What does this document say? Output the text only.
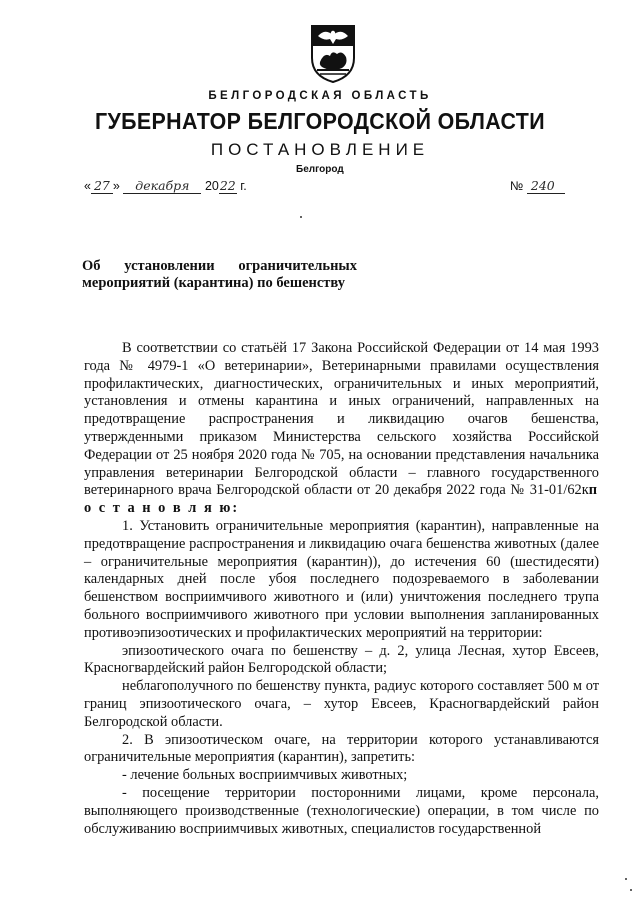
БЕЛГОРОДСКАЯ ОБЛАСТЬ
ГУБЕРНАТОР БЕЛГОРОДСКОЙ ОБЛАСТИ
ПОСТАНОВЛЕНИЕ
Белгород
« 27 » декабря 2022 г.	№ 240
Об установлении ограничительных
мероприятий (карантина) по бешенству

В соответствии со статьёй 17 Закона Российской Федерации от 14 мая 1993 года № 4979-1 «О ветеринарии», Ветеринарными правилами осуществления профилактических, диагностических, ограничительных и иных мероприятий, установления и отмены карантина и иных ограничений, направленных на предотвращение распространения и ликвидацию очагов бешенства, утвержденными приказом Министерства сельского хозяйства Российской Федерации от 25 ноября 2020 года № 705, на основании представления начальника управления ветеринарии Белгородской области – главного государственного ветеринарного врача Белгородской области от 20 декабря 2022 года № 31-01/62кп о с т а н о в л я ю:

1. Установить ограничительные мероприятия (карантин), направленные на предотвращение распространения и ликвидацию очага бешенства животных (далее – ограничительные мероприятия (карантин)), до истечения 60 (шестидесяти) календарных дней после убоя последнего подозреваемого в заболевании бешенством восприимчивого животного и (или) уничтожения последнего трупа больного восприимчивого животного при условии выполнения запланированных противоэпизоотических и профилактических мероприятий на территории:

эпизоотического очага по бешенству – д. 2, улица Лесная, хутор Евсеев, Красногвардейский район Белгородской области;

неблагополучного по бешенству пункта, радиус которого составляет 500 м от границ эпизоотического очага, – хутор Евсеев, Красногвардейский район Белгородской области.

2. В эпизоотическом очаге, на территории которого устанавливаются ограничительные мероприятия (карантин), запретить:

- лечение больных восприимчивых животных;

- посещение территории посторонними лицами, кроме персонала, выполняющего производственные (технологические) операции, в том числе по обслуживанию восприимчивых животных, специалистов государственной
